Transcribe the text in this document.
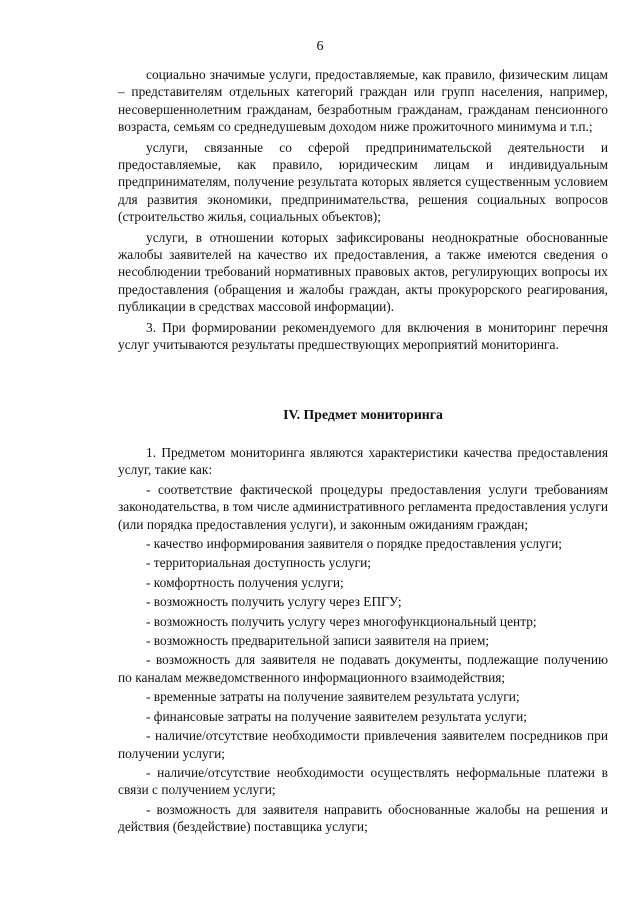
6

социально значимые услуги, предоставляемые, как правило, физическим лицам – представителям отдельных категорий граждан или групп населения, например, несовершеннолетним гражданам, безработным гражданам, гражданам пенсионного возраста, семьям со среднедушевым доходом ниже прожиточного минимума и т.п.;

услуги, связанные со сферой предпринимательской деятельности и предоставляемые, как правило, юридическим лицам и индивидуальным предпринимателям, получение результата которых является существенным условием для развития экономики, предпринимательства, решения социальных вопросов (строительство жилья, социальных объектов);

услуги, в отношении которых зафиксированы неоднократные обоснованные жалобы заявителей на качество их предоставления, а также имеются сведения о несоблюдении требований нормативных правовых актов, регулирующих вопросы их предоставления (обращения и жалобы граждан, акты прокурорского реагирования, публикации в средствах массовой информации).

3. При формировании рекомендуемого для включения в мониторинг перечня услуг учитываются результаты предшествующих мероприятий мониторинга.

IV. Предмет мониторинга

1. Предметом мониторинга являются характеристики качества предоставления услуг, такие как:

- соответствие фактической процедуры предоставления услуги требованиям законодательства, в том числе административного регламента предоставления услуги (или порядка предоставления услуги), и законным ожиданиям граждан;

- качество информирования заявителя о порядке предоставления услуги;

- территориальная доступность услуги;

- комфортность получения услуги;

- возможность получить услугу через ЕПГУ;

- возможность получить услугу через многофункциональный центр;

- возможность предварительной записи заявителя на прием;

- возможность для заявителя не подавать документы, подлежащие получению по каналам межведомственного информационного взаимодействия;

- временные затраты на получение заявителем результата услуги;

- финансовые затраты на получение заявителем результата услуги;

- наличие/отсутствие необходимости привлечения заявителем посредников при получении услуги;

- наличие/отсутствие необходимости осуществлять неформальные платежи в связи с получением услуги;

- возможность для заявителя направить обоснованные жалобы на решения и действия (бездействие) поставщика услуги;
